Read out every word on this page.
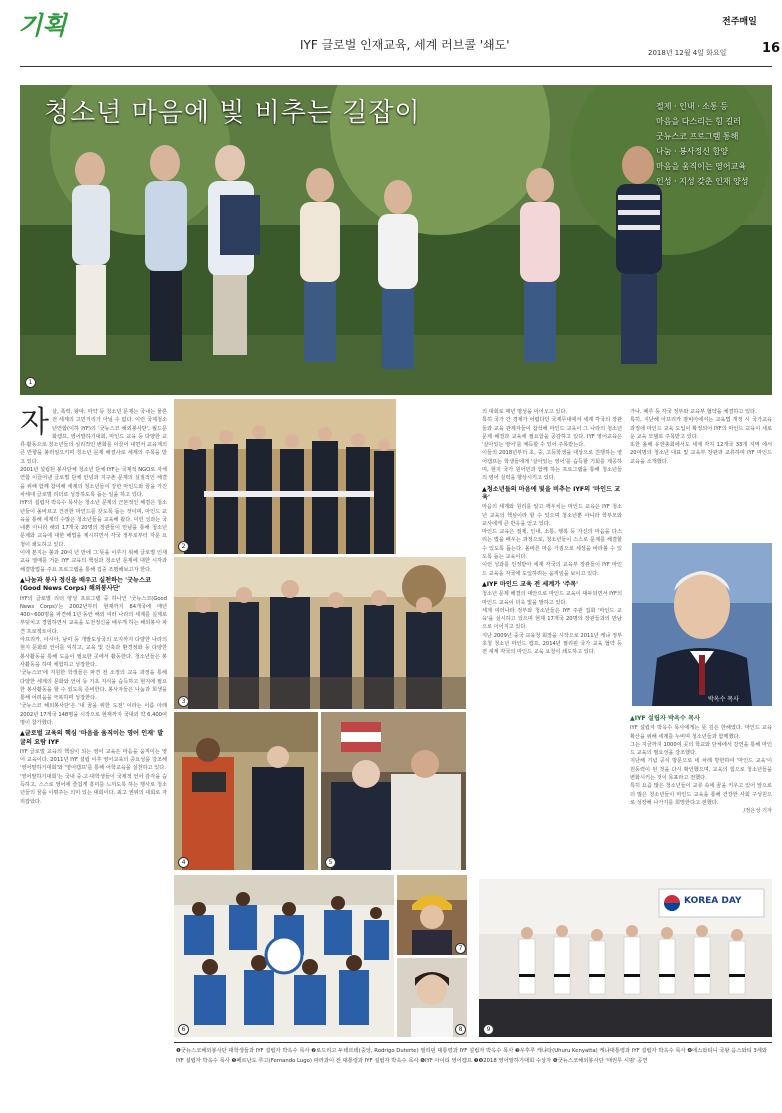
기획	전주매일
IYF 글로벌 인재교육, 세계 러브콜 '쇄도'
2018년 12월 4일 화요일	16
청소년 마음에 빛 비추는 길잡이	절제 · 인내 · 소통 등
마음을 다스리는 힘 길러
굿뉴스코 프로그램 통해
나눔 · 봉사정신 함양
마음을 움직이는 영어교육
인성 · 지성 갖춘 인재 양성
1
자 살, 폭력, 왕따, 마약 등 청소년 문제는 국내는 물론 전 세계의 고민거리가 아닐 수 없다. 이런 국제청소년연합(이하 IYF)의 '굿뉴스코 해외봉사단', 월드문화캠프, 영어말하기대회, 마인드 교육 등 다양한 교류 활동으로 청소년들의 심리적인 변화를 이끌어 내면서 교육계의 큰 반향을 불러일으키며 청소년 문제 해결사로 세계의 주목을 받고 있다.
2001년 설립된 봉사단체 청소년 단체 IYF는 국제적 NGO로 자체연합 이끌어낸 글로벌 단체 안녕과 지구촌 문제의 실질적인 해결을 위해 함께 참여해 세계의 청소년들이 강한 마인드와 꿈을 가진 차세대 글로벌 리더로 성장하도록 돕는 일을 하고 있다.
IYF의 설립자 박옥수 목사는 청소년 문제의 근본적인 해결은 청소년들이 올바르고 건전한 마인드를 갖도록 돕는 것이며, 마인드 교육을 통해 세계의 수많은 청소년들을 교육해 왔다. 이런 성과는 국내뿐 아니라 해외 17개국 20명의 장관들이 만남을 통해 청소년 문제와 교육에 대한 해법을 제시하면서 각국 정부로부터 자문 요청이 쇄도하고 있다.
이에 본지는 불과 20여 년 만에 그 뜻을 이루기 위해 글로벌 인재교육 열매를 거둔 IYF 교육의 핵심과 청소년 문제에 대한 시각과 해결방법을 주요 프로그램을 통해 집중 조명해보고자 한다.
▲나눔과 봉사 정신을 배우고 실천하는 '굿뉴스코(Good News Corps) 해외봉사단'
IYF의 글로벌 리더 양성 프로그램 중 하나인 '굿뉴스코(Good News Corps)'는 2002년부터 현재까지 84개국에 매년 400~600명을 파견해 1년 동안 해외 여러 나라의 세계를 실제로 부딪치고 경험하면서 교육을 도전정신을 배우게 하는 해외봉사 파견 프로젝트이다.
아프리카, 아시아, 남미 등 개발도상국의 오지까지 다양한 나라의 현지 문화와 언어를 익히고, 교육 및 건축과 환경정화 등 다양한 봉사활동을 통해 도움이 필요한 곳에서 활동한다. 청소년들은 봉사활동을 하며 체험하고 성장한다.
'굿뉴스코'에 지원한 학생들은 파견 전 소정의 교육 과정을 통해 다양한 세계의 문화와 언어 등 기초 지식을 습득하고 현지에 필요한 봉사활동을 할 수 있도록 준비한다. 봉사자들은 나눔과 희생을 통해 어려움을 극복하며 성장한다.
'굿뉴스코 해외봉사단'은 '내 꿈을 위한 도전' 이라는 이름 아래 2002년 17개국 148명을 시작으로 현재까지 국내외 약 6,400여 명이 참가했다.
▲글로벌 교육의 핵심 '마음을 움직이는 영어 인재' 발굴의 요람 IYF
IYF 글로벌 교육의 핵심이 되는 영어 교육은 마음을 움직이는 영어 교육이다. 2011년 IYF 설립 이후 영어교육의 중요성을 강조해 '영어말하기대회'와 '영어캠프'를 통해 어학교육을 실천하고 있다.
'영어말하기대회'는 국내 중·고·대학생들이 국제적 언어 감각을 습득하고, 스스로 영어에 즐겁게 흥미를 느끼도록 하는 행사로 청소년들의 꿈을 이뤄주는 의미 있는 대회이다. 최고 권위의 대회로 자리잡았다.
2
3
4	5
6
7
8
의 대회로 매년 명성을 이어오고 있다.
특히 국가 간 경제가 어렵다던 국제무대에서 세계 각국의 장관들과 교육 관계자들이 참석해 마인드 교육이 그 나라의 청소년 문제 해결과 교육에 필요함을 공감하고 있다. IYF 영어교육은 '살아있는 영어'를 체득할 수 있어 주목받는다.
이들의 2018년부터 초, 중, 고등학생을 대상으로 진행하는 영어캠프는 학생들에게 '살아있는 영어'를 습득할 기회를 제공하며, 현지 국가 원어민과 함께 하는 프로그램을 통해 청소년들의 영어 실력을 향상시키고 있다.
▲청소년들의 마음에 빛을 비추는 IYF의 '마인드 교육'
마음의 세계와 원리를 알고 깨우치는 마인드 교육은 IYF 청소년 교육의 핵심이라 할 수 있으며 청소년뿐 아니라 학부모와 교사에게 큰 반응을 얻고 있다.
마인드 교육은 절제, 인내, 소통, 행복 등 자신의 마음을 다스리는 법을 배우는 과정으로, 청소년들이 스스로 문제를 해결할 수 있도록 돕는다. 올바른 마음 가짐으로 세상을 바라볼 수 있도록 돕는 교육이다.
이런 성과를 인정받아 세계 각국의 교육부 장관들이 IYF 마인드 교육을 자국에 도입하려는 움직임을 보이고 있다.
▲IYF 마인드 교육 전 세계가 '주목'
청소년 문제 해결의 대안으로 마인드 교육이 대두되면서 IYF의 마인드 교육이 더욱 빛을 발하고 있다.
세계 여러나라 정부와 청소년들은 IYF 주관 집회 '마인드 교육'을 실시하고 있으며 현재 17개국 20명의 장관들과의 만남으로 이어지고 있다.
지난 2009년 중국 교육청 회장을 시작으로 2011년 케냐 정부 초청 청소년 마인드 캠프, 2014년 필리핀 국가 교육 협약 등 전 세계 각국의 마인드 교육 요청이 쇄도하고 있다.
가나, 페루 등 각국 정부와 교육부 협약을 체결하고 있다.
특히, 지난해 아프리카 잠비아에서는 교육법 개정 시 국가교육과정에 마인드 교육 도입이 확정되어 IYF의 마인드 교육이 새로운 교육 모델로 주목받고 있다.
또한 올해 유엔총회에서도 세계 각지 12개국 33개 지역 에서 20여명의 청소년 대표 및 교육부 장관과 교류하며 IYF 마인드 교육을 소개했다.
박옥수 목사
▲IYF 설립자 박옥수 목사
IYF 설립자 박옥수 목사에게는 뜻 깊은 한해였다. 마인드 교육 확산을 위해 세계를 누비며 청소년들과 함께했다.
그는 지금까지 1000여 곳의 학교와 단체에서 강연을 통해 마인드 교육의 필요성을 강조했다.
지난해 기념 공식 방문으로 네 차례 방한하여 '마인드 교육'이 원동력이 된 것을 다시 확인했으며, 교육의 힘으로 청소년들을 변화시키는 것이 목표라고 전했다.
특히 요즘 많은 청소년들이 교류 속에 꿈을 키우고 있어 앞으로 더 많은 청소년들이 마인드 교육을 통해 건강한 사회 구성원으로 성장해 나가기를 희망한다고 전했다.
/정은성 기자
KOREA DAY
9
❶굿뉴스코해외봉사단 대학생들과 IYF 설립자 박옥수 목사 ❷로드리고 두테르테(중앙, Rodrigo Duterte) 필리핀 대통령과 IYF 설립자 박옥수 목사 ❸우후루 케냐타(Uhuru Kenyatta) 케냐대통령과 IYF 설립자 박옥수 목사 ❹에스와티니 국왕 음스와티 3세와 IYF 설립자 박옥수 목사 ❺페르난도 루고(Fernando Lugo) 파라과이 전 대통령과 IYF 설립자 박옥수 목사 ❻IYF 아이티 영어캠프 ❼❽2018 영어말하기대회 수상자 ❾굿뉴스코해외봉사단 '태권무 시범' 공연
